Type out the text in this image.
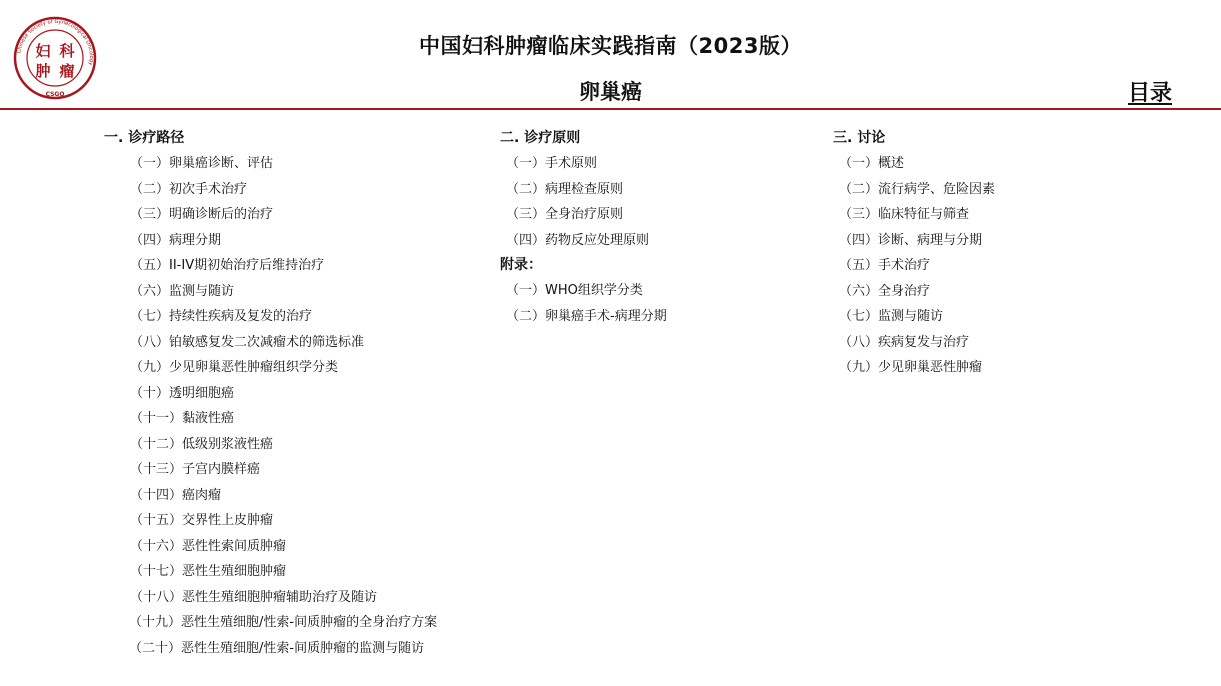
Chinese Society of Gynecological Oncology
CSGO
妇 科
肿 瘤
中国妇科肿瘤临床实践指南（2023版）
卵巢癌	目录
一. 诊疗路径
（一）卵巢癌诊断、评估
（二）初次手术治疗
（三）明确诊断后的治疗
（四）病理分期
（五）II-IV期初始治疗后维持治疗
（六）监测与随访
（七）持续性疾病及复发的治疗
（八）铂敏感复发二次减瘤术的筛选标准
（九）少见卵巢恶性肿瘤组织学分类
（十）透明细胞癌
（十一）黏液性癌
（十二）低级别浆液性癌
（十三）子宫内膜样癌
（十四）癌肉瘤
（十五）交界性上皮肿瘤
（十六）恶性性索间质肿瘤
（十七）恶性生殖细胞肿瘤
（十八）恶性生殖细胞肿瘤辅助治疗及随访
（十九）恶性生殖细胞/性索-间质肿瘤的全身治疗方案
（二十）恶性生殖细胞/性索-间质肿瘤的监测与随访
二. 诊疗原则
（一）手术原则
（二）病理检查原则
（三）全身治疗原则
（四）药物反应处理原则
附录：
（一）WHO组织学分类
（二）卵巢癌手术-病理分期
三. 讨论
（一）概述
（二）流行病学、危险因素
（三）临床特征与筛查
（四）诊断、病理与分期
（五）手术治疗
（六）全身治疗
（七）监测与随访
（八）疾病复发与治疗
（九）少见卵巢恶性肿瘤
